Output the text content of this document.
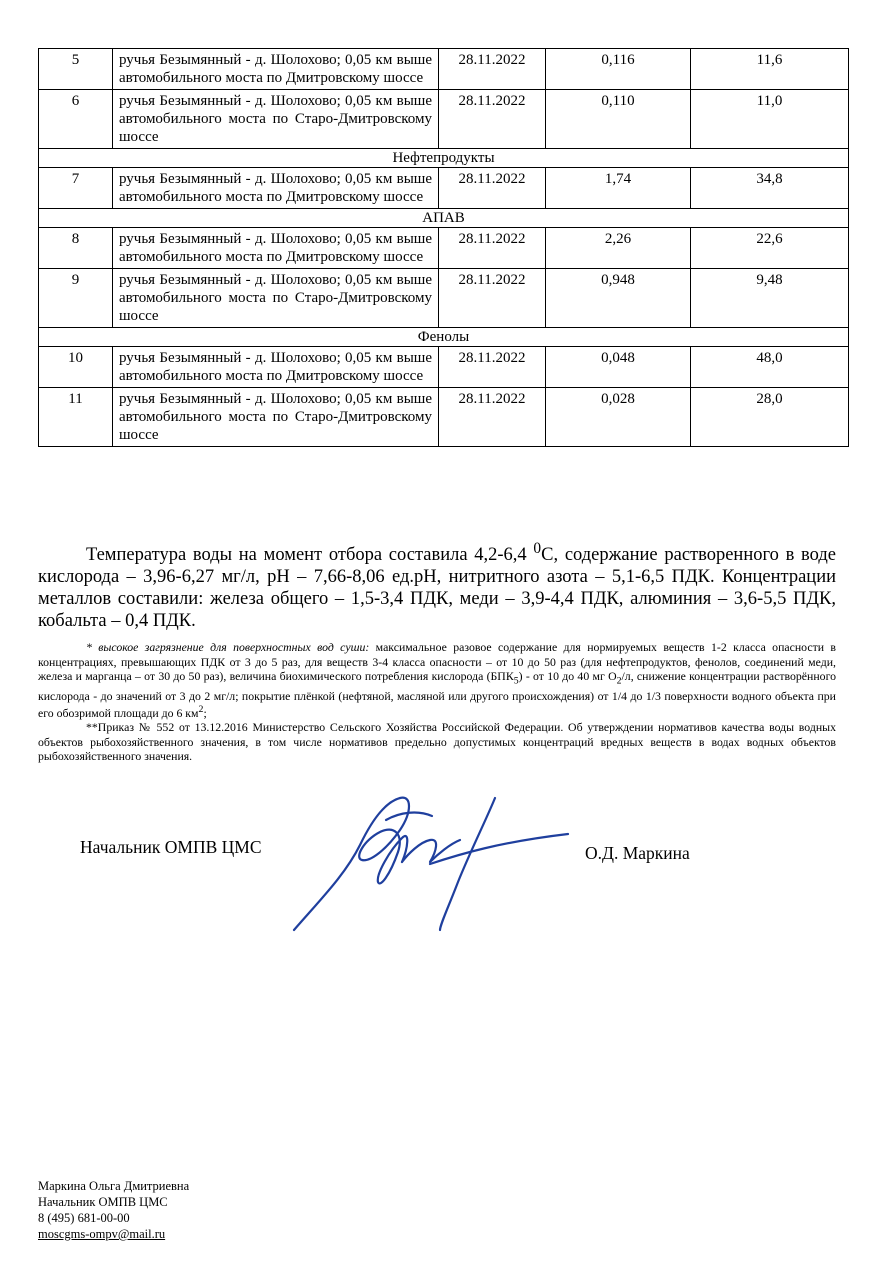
5	ручья Безымянный - д. Шолохово; 0,05 км выше автомобильного моста по Дмитровскому шоссе	28.11.2022	0,116	11,6
6	ручья Безымянный - д. Шолохово; 0,05 км выше автомобильного моста по Старо-Дмитровскому шоссе	28.11.2022	0,110	11,0
Нефтепродукты				
7	ручья Безымянный - д. Шолохово; 0,05 км выше автомобильного моста по Дмитровскому шоссе	28.11.2022	1,74	34,8
АПАВ				
8	ручья Безымянный - д. Шолохово; 0,05 км выше автомобильного моста по Дмитровскому шоссе	28.11.2022	2,26	22,6
9	ручья Безымянный - д. Шолохово; 0,05 км выше автомобильного моста по Старо-Дмитровскому шоссе	28.11.2022	0,948	9,48
Фенолы				
10	ручья Безымянный - д. Шолохово; 0,05 км выше автомобильного моста по Дмитровскому шоссе	28.11.2022	0,048	48,0
11	ручья Безымянный - д. Шолохово; 0,05 км выше автомобильного моста по Старо-Дмитровскому шоссе	28.11.2022	0,028	28,0
Температура воды на момент отбора составила 4,2-6,4 $^0$С, содержание растворенного в воде кислорода – 3,96-6,27 мг/л, рН – 7,66-8,06 ед.рН, нитритного азота – 5,1-6,5 ПДК. Концентрации металлов составили: железа общего – 1,5-3,4 ПДК, меди – 3,9-4,4 ПДК, алюминия – 3,6-5,5 ПДК, кобальта – 0,4 ПДК.
* высокое загрязнение для поверхностных вод суши: максимальное разовое содержание для нормируемых веществ 1-2 класса опасности в концентрациях, превышающих ПДК от 3 до 5 раз, для веществ 3-4 класса опасности – от 10 до 50 раз (для нефтепродуктов, фенолов, соединений меди, железа и марганца – от 30 до 50 раз), величина биохимического потребления кислорода $(БПК_5)$ - от 10 до 40 мг $О_2/л$, снижение концентрации растворённого кислорода - до значений от 3 до 2 мг/л; покрытие плёнкой (нефтяной, масляной или другого происхождения) от 1/4 до 1/3 поверхности водного объекта при его обозримой площади до 6 $км^2$;
**Приказ № 552 от 13.12.2016 Министерство Сельского Хозяйства Российской Федерации. Об утверждении нормативов качества воды водных объектов рыбохозяйственного значения, в том числе нормативов предельно допустимых концентраций вредных веществ в водах водных объектов рыбохозяйственного значения.
Начальник ОМПВ ЦМС	О.Д. Маркина
Маркина Ольга Дмитриевна
Начальник ОМПВ ЦМС
8 (495) 681-00-00
moscgms-ompv@mail.ru
